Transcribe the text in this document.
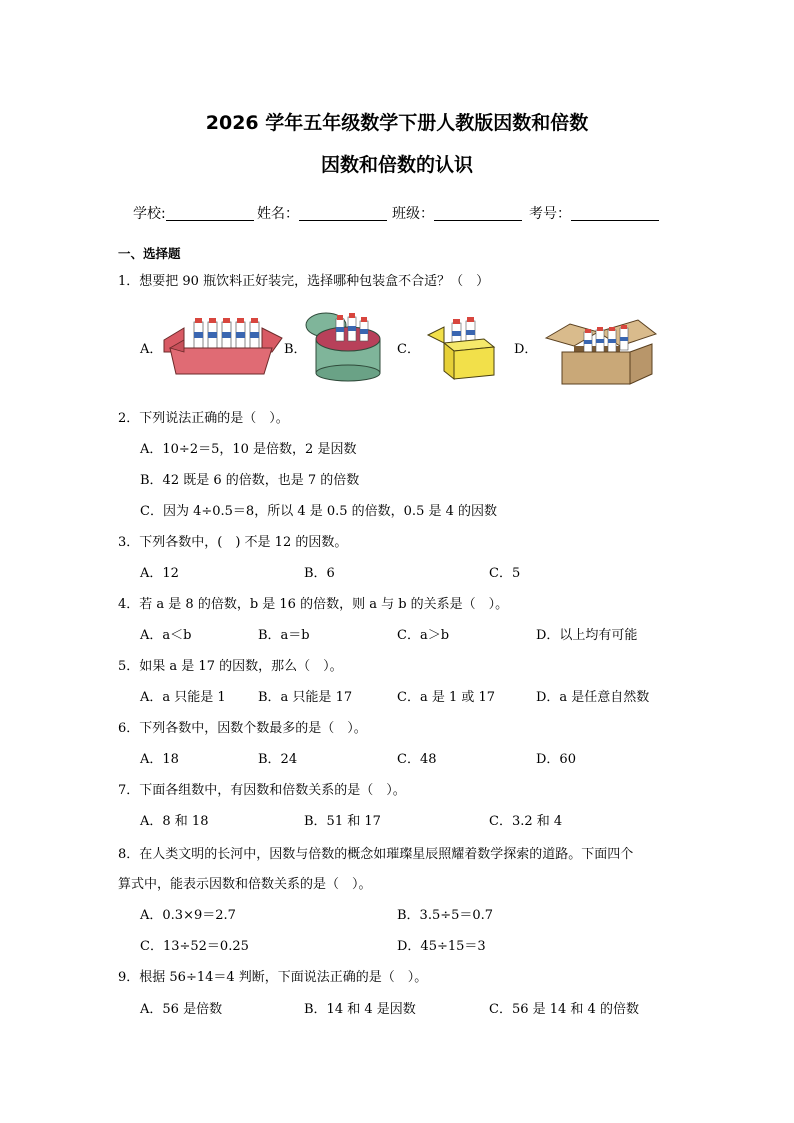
2026 学年五年级数学下册人教版因数和倍数
因数和倍数的认识
学校:	姓名：	班级：	考号：
一、选择题
1．想要把 90 瓶饮料正好装完，选择哪种包装盒不合适？（　）
A．	B．	C．	D．
2．下列说法正确的是（　）。
A．10÷2＝5，10 是倍数，2 是因数
B．42 既是 6 的倍数，也是 7 的倍数
C．因为 4÷0.5＝8，所以 4 是 0.5 的倍数，0.5 是 4 的因数
3．下列各数中，(　) 不是 12 的因数。
A．12	B．6	C．5
4．若 a 是 8 的倍数，b 是 16 的倍数，则 a 与 b 的关系是（　）。
A．a＜b	B．a＝b	C．a＞b	D．以上均有可能
5．如果 a 是 17 的因数，那么（　）。
A．a 只能是 1 B．a 只能是 17	C．a 是 1 或 17	D．a 是任意自然数
6．下列各数中，因数个数最多的是（　）。
A．18	B．24	C．48	D．60
7．下面各组数中，有因数和倍数关系的是（　）。
A．8 和 18	B．51 和 17	C．3.2 和 4
8．在人类文明的长河中，因数与倍数的概念如璀璨星辰照耀着数学探索的道路。下面四个
算式中，能表示因数和倍数关系的是（　）。
A．0.3×9＝2.7	B．3.5÷5＝0.7
C．13÷52＝0.25	D．45÷15＝3
9．根据 56÷14＝4 判断，下面说法正确的是（　）。
A．56 是倍数	B．14 和 4 是因数	C．56 是 14 和 4 的倍数
